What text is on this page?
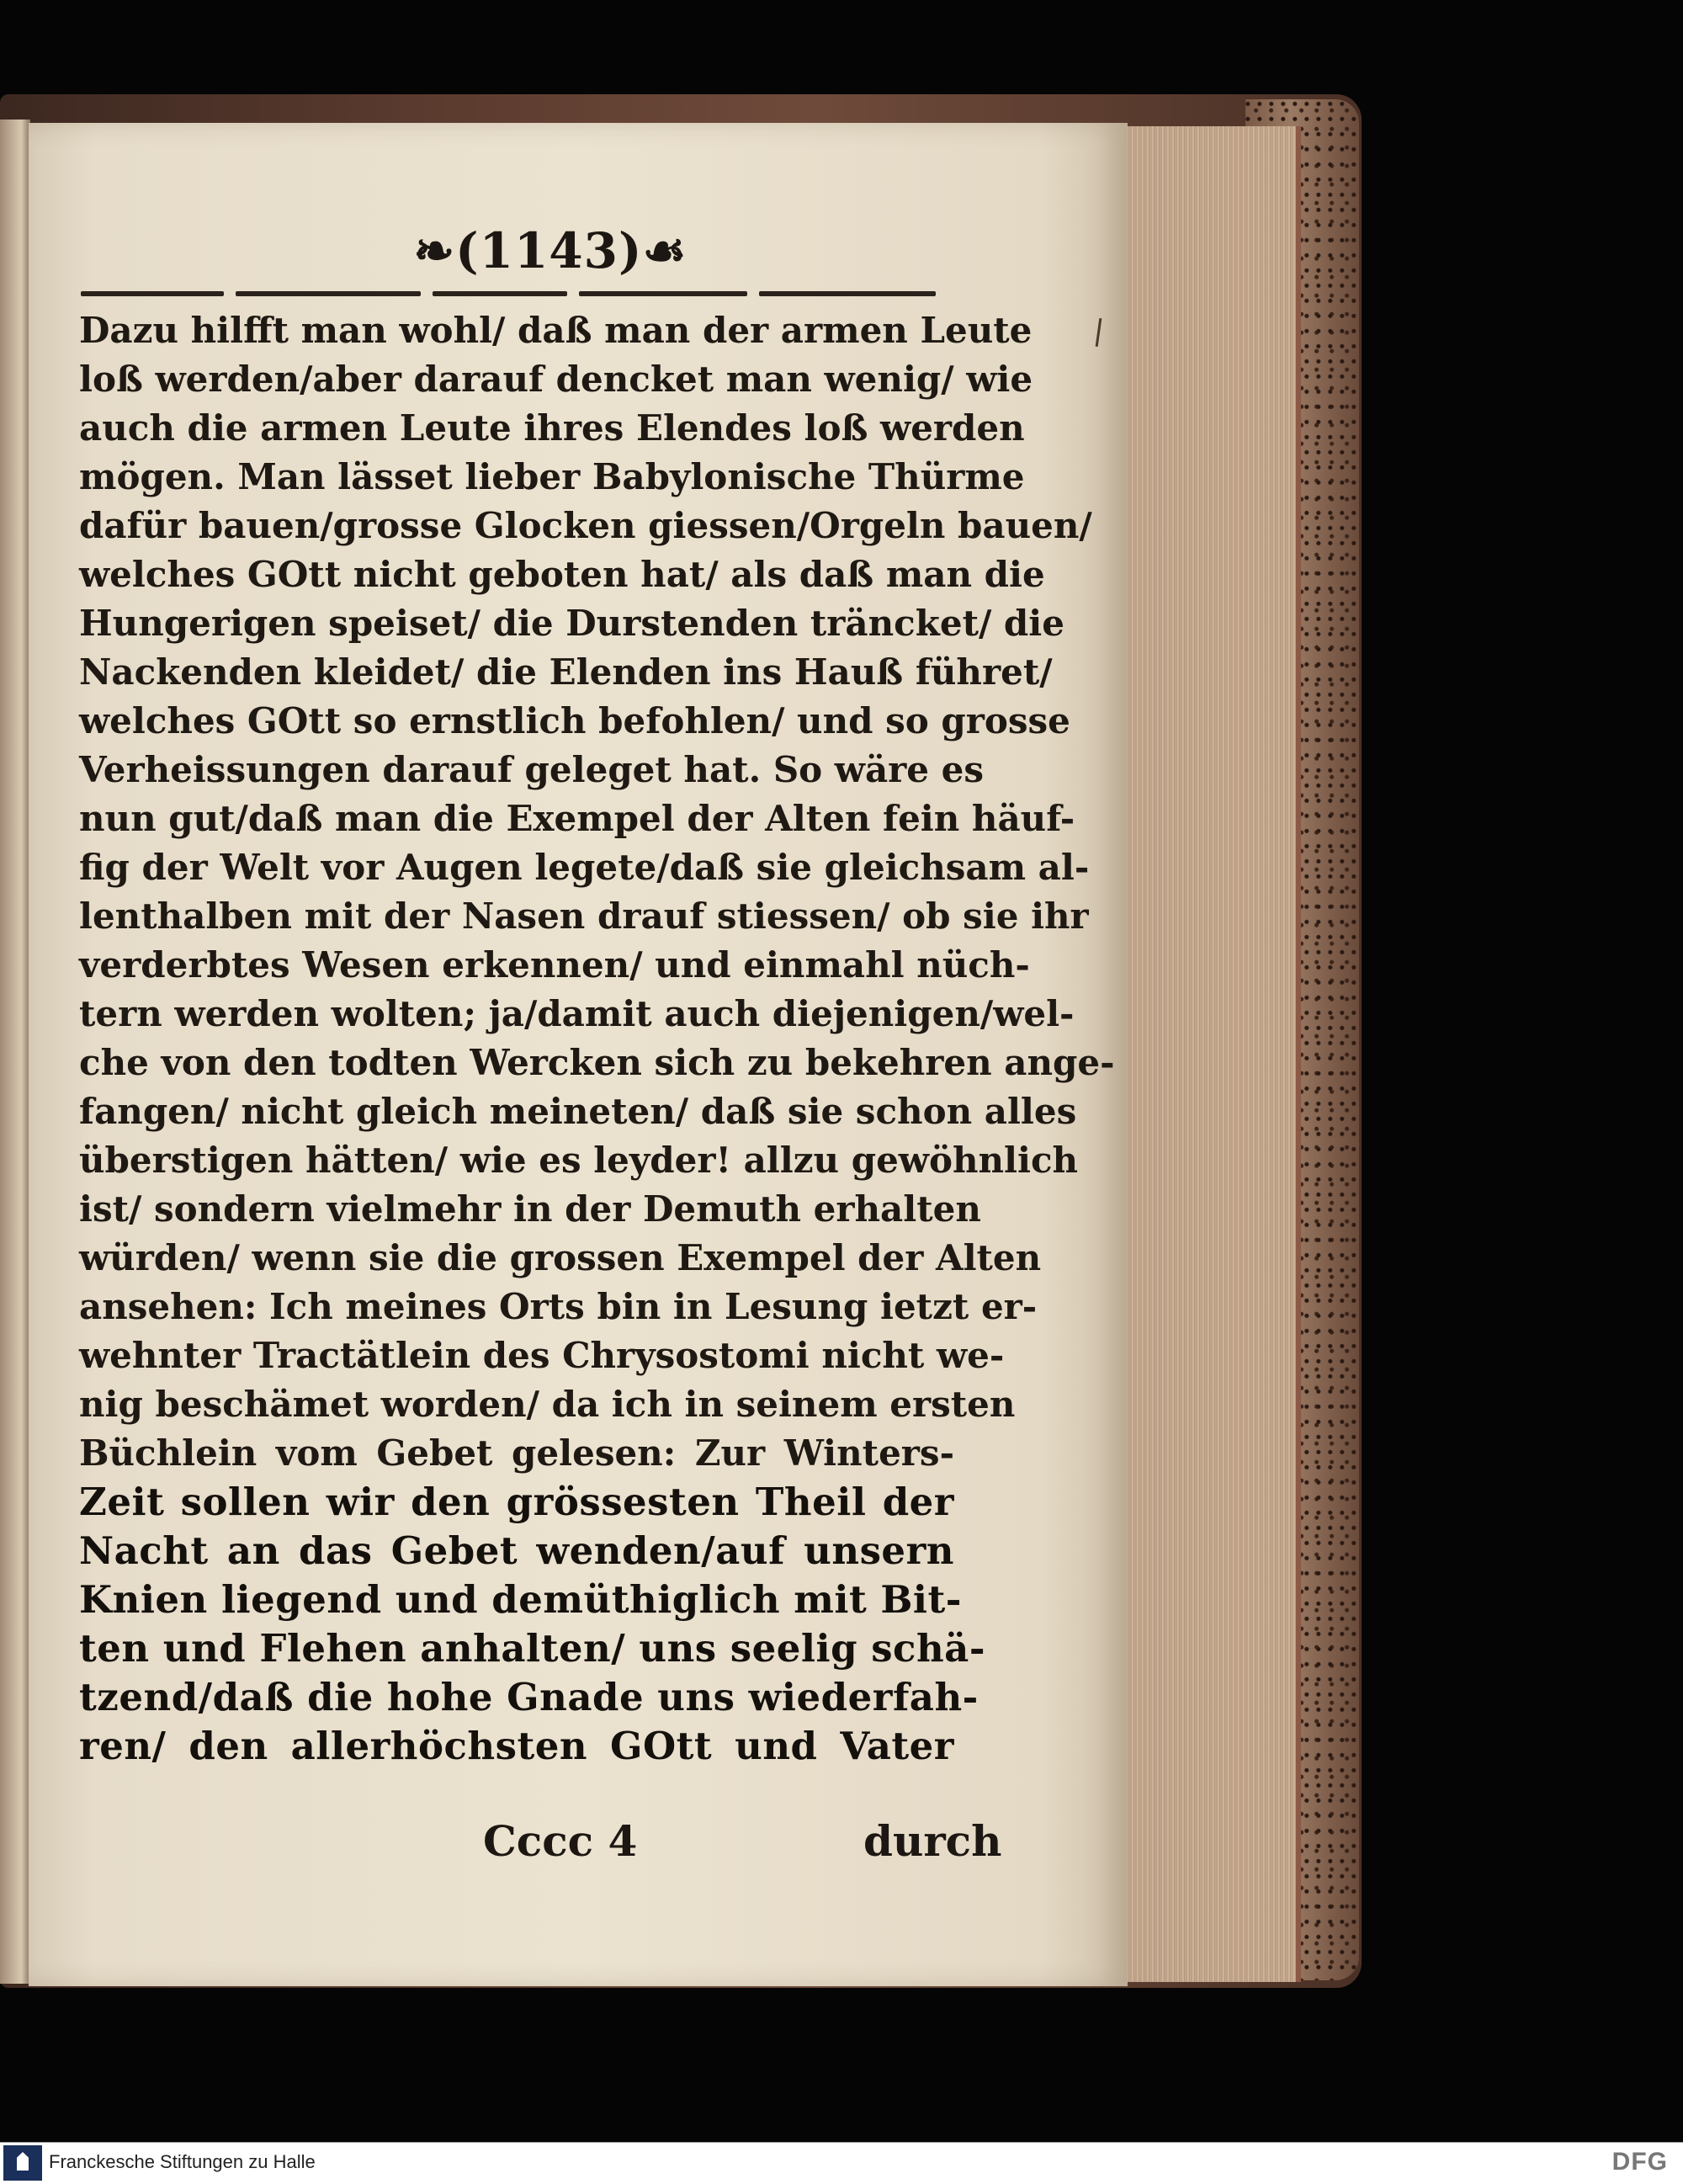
❧(1143)☙
Dazu hilfft man wohl/ daß man der armen Leute
loß werden/aber darauf dencket man wenig/ wie
auch die armen Leute ihres Elendes loß werden
mögen. Man lässet lieber Babylonische Thürme
dafür bauen/grosse Glocken giessen/Orgeln bauen/
welches GOtt nicht geboten hat/ als daß man die
Hungerigen speiset/ die Durstenden träncket/ die
Nackenden kleidet/ die Elenden ins Hauß führet/
welches GOtt so ernstlich befohlen/ und so grosse
Verheissungen darauf geleget hat. So wäre es
nun gut/daß man die Exempel der Alten fein häuf-
fig der Welt vor Augen legete/daß sie gleichsam al-
lenthalben mit der Nasen drauf stiessen/ ob sie ihr
verderbtes Wesen erkennen/ und einmahl nüch-
tern werden wolten; ja/damit auch diejenigen/wel-
che von den todten Wercken sich zu bekehren ange-
fangen/ nicht gleich meineten/ daß sie schon alles
überstigen hätten/ wie es leyder! allzu gewöhnlich
ist/ sondern vielmehr in der Demuth erhalten
würden/ wenn sie die grossen Exempel der Alten
ansehen: Ich meines Orts bin in Lesung ietzt er-
wehnter Tractätlein des Chrysostomi nicht we-
nig beschämet worden/ da ich in seinem ersten
Büchlein vom Gebet gelesen: Zur Winters-
Zeit sollen wir den grössesten Theil der
Nacht an das Gebet wenden/auf unsern
Knien liegend und demüthiglich mit Bit-
ten und Flehen anhalten/ uns seelig schä-
tzend/daß die hohe Gnade uns wiederfah-
ren/ den allerhöchsten GOtt und Vater
Cccc 4	durch
Franckesche Stiftungen zu Halle	DFG
